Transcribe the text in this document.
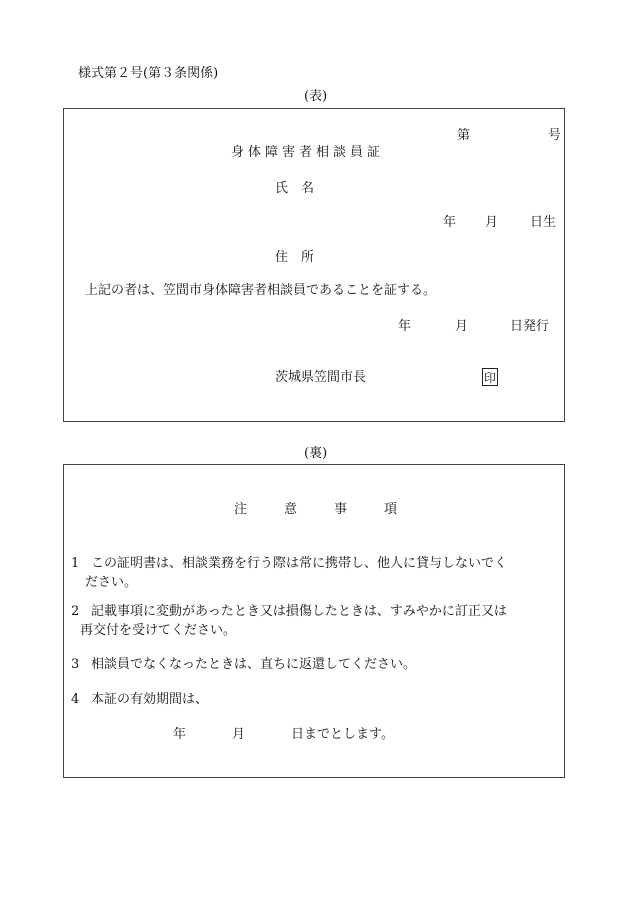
様式第２号(第３条関係)
(表)
第	号
身体障害者相談員証
氏　名
年 月 日生
住　所
上記の者は、笠間市身体障害者相談員であることを証する。
年	月	日発行
茨城県笠間市長	印
(裏)
注	意	事	項
1 この証明書は、相談業務を行う際は常に携帯し、他人に貸与しないでく
ださい。
2 記載事項に変動があったとき又は損傷したときは、すみやかに訂正又は
再交付を受けてください。
3 相談員でなくなったときは、直ちに返還してください。
4 本証の有効期間は、
年	月	日までとします。
